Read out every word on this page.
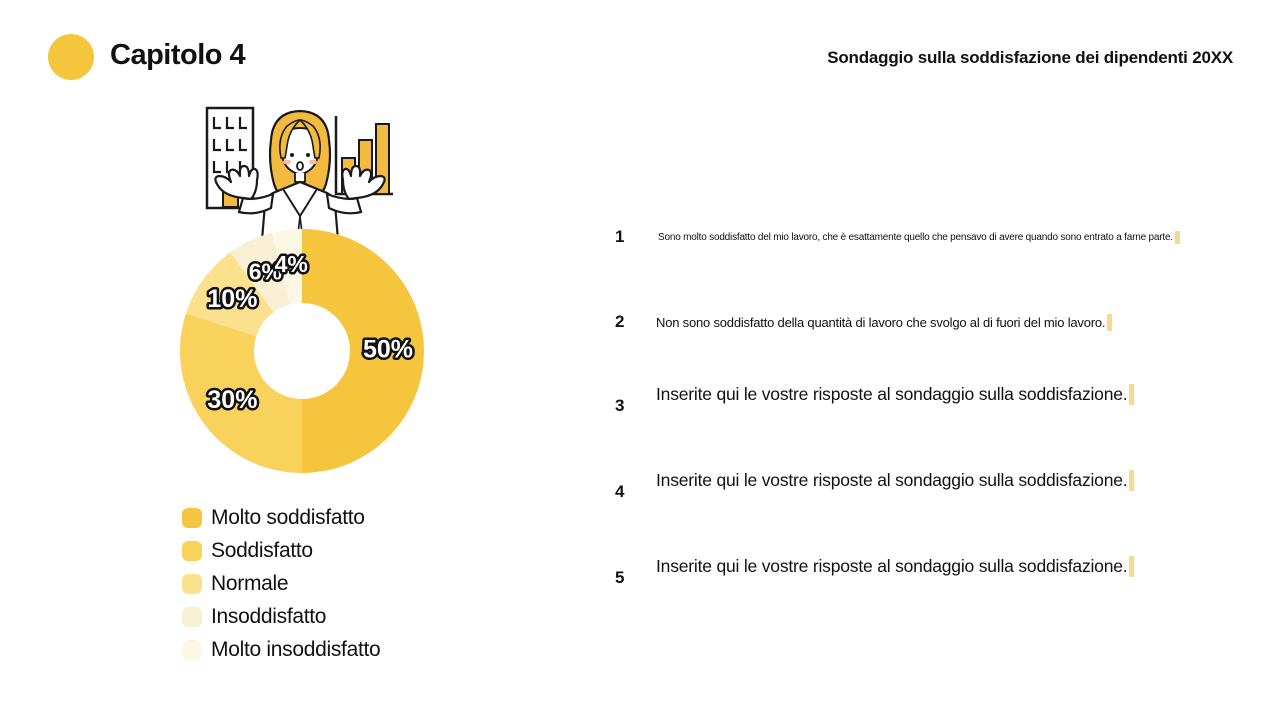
Capitolo 4	Sondaggio sulla soddisfazione dei dipendenti 20XX
50%
30%
10%
6%
4%
Molto soddisfatto
Soddisfatto
Normale
Insoddisfatto
Molto insoddisfatto
1	Sono molto soddisfatto del mio lavoro, che è esattamente quello che pensavo di avere quando sono entrato a farne parte.
2	Non sono soddisfatto della quantità di lavoro che svolgo al di fuori del mio lavoro.
3
Inserite qui le vostre risposte al sondaggio sulla soddisfazione.
4
Inserite qui le vostre risposte al sondaggio sulla soddisfazione.
5
Inserite qui le vostre risposte al sondaggio sulla soddisfazione.
